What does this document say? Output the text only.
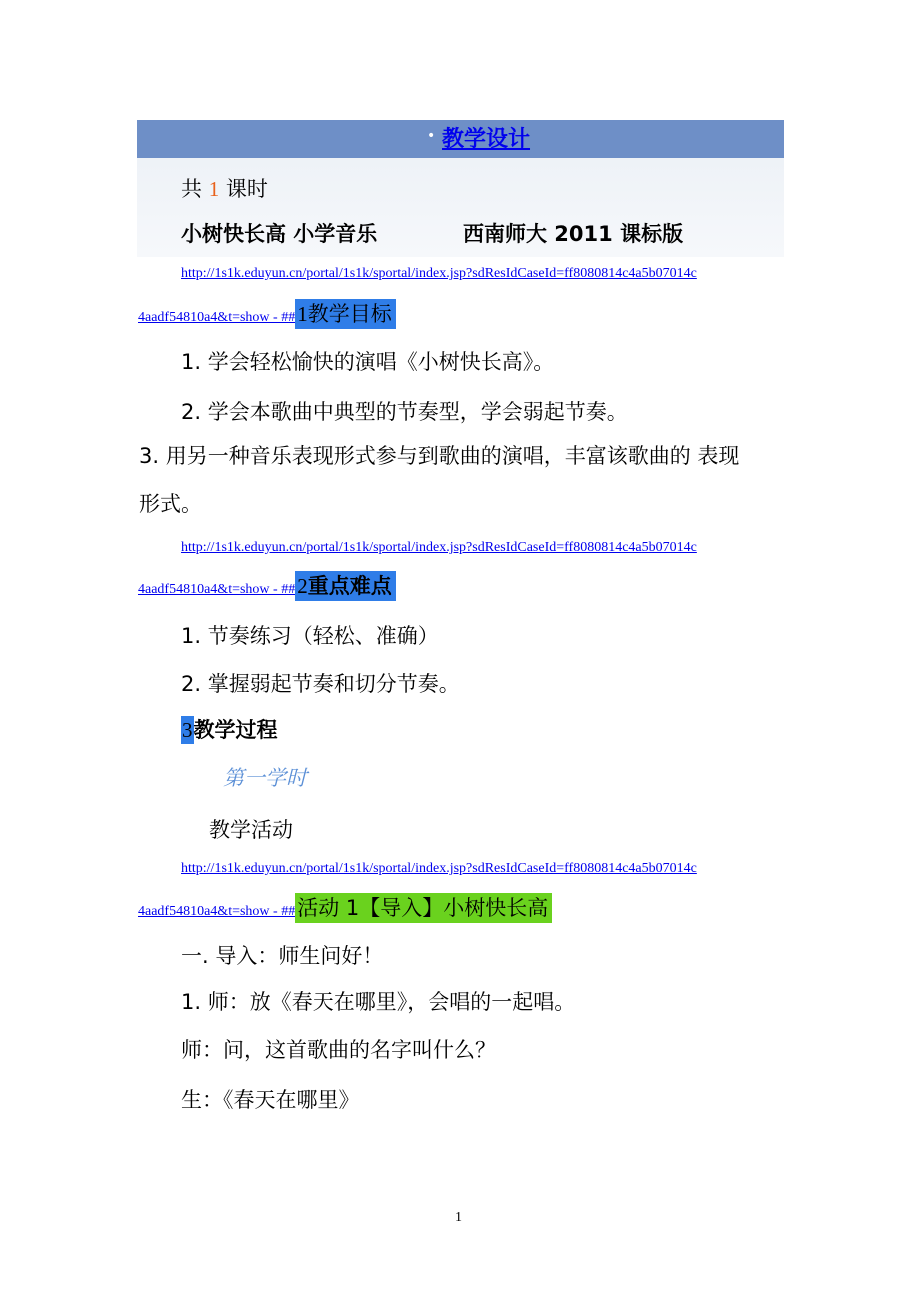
• 教学设计
共 1 课时
小树快长高 小学音乐	西南师大 2011 课标版
http://1s1k.eduyun.cn/portal/1s1k/sportal/index.jsp?sdResIdCaseId=ff8080814c4a5b07014c
4aadf54810a4&t=show - ##1教学目标
1. 学会轻松愉快的演唱《小树快长高》。
2. 学会本歌曲中典型的节奏型，学会弱起节奏。
3. 用另一种音乐表现形式参与到歌曲的演唱，丰富该歌曲的 表现
形式。
http://1s1k.eduyun.cn/portal/1s1k/sportal/index.jsp?sdResIdCaseId=ff8080814c4a5b07014c
4aadf54810a4&t=show - ##2重点难点
1. 节奏练习（轻松、准确）
2. 掌握弱起节奏和切分节奏。
3教学过程
第一学时
教学活动
http://1s1k.eduyun.cn/portal/1s1k/sportal/index.jsp?sdResIdCaseId=ff8080814c4a5b07014c
4aadf54810a4&t=show - ##活动 1【导入】小树快长高
一. 导入：师生问好！
1. 师：放《春天在哪里》，会唱的一起唱。
师：问，这首歌曲的名字叫什么？
生：《春天在哪里》
1
